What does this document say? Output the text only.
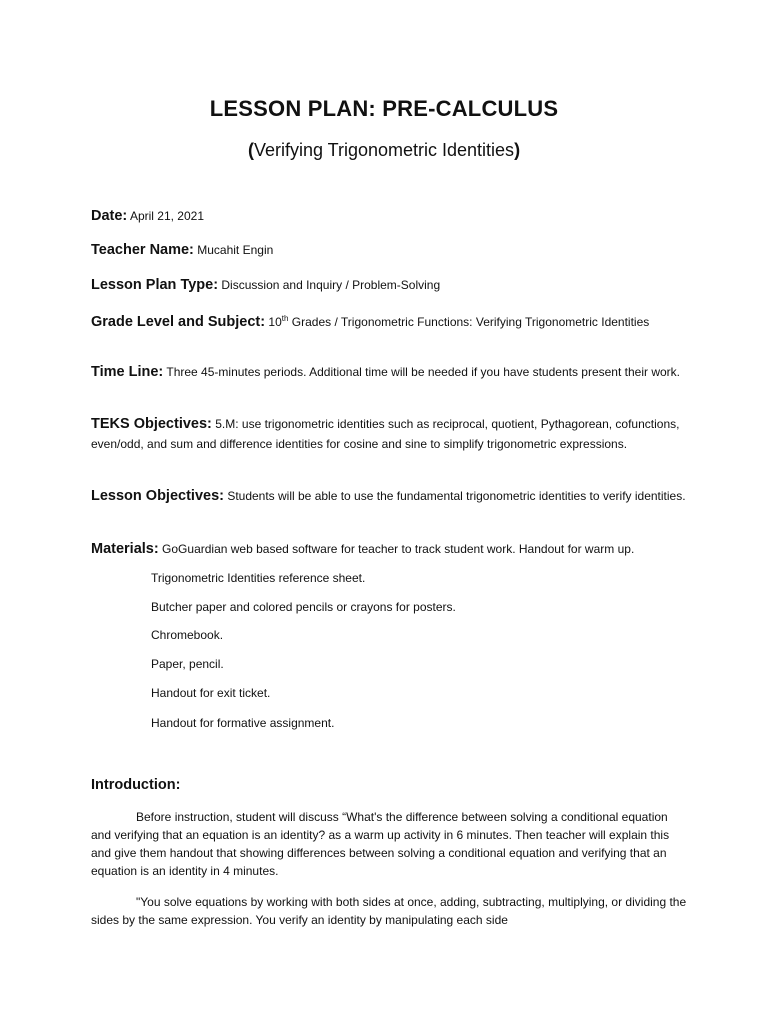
LESSON PLAN: PRE-CALCULUS
(Verifying Trigonometric Identities)
Date: April 21, 2021
Teacher Name: Mucahit Engin
Lesson Plan Type: Discussion and Inquiry / Problem-Solving
Grade Level and Subject: 10th Grades / Trigonometric Functions: Verifying Trigonometric Identities
Time Line: Three 45-minutes periods. Additional time will be needed if you have students present their work.
TEKS Objectives: 5.M: use trigonometric identities such as reciprocal, quotient, Pythagorean, cofunctions, even/odd, and sum and difference identities for cosine and sine to simplify trigonometric expressions.
Lesson Objectives: Students will be able to use the fundamental trigonometric identities to verify identities.
Materials: GoGuardian web based software for teacher to track student work. Handout for warm up.
Trigonometric Identities reference sheet.
Butcher paper and colored pencils or crayons for posters.
Chromebook.
Paper, pencil.
Handout for exit ticket.
Handout for formative assignment.
Introduction:
Before instruction, student will discuss “What's the difference between solving a conditional equation and verifying that an equation is an identity? as a warm up activity in 6 minutes. Then teacher will explain this and give them handout that showing differences between solving a conditional equation and verifying that an equation is an identity in 4 minutes.
"You solve equations by working with both sides at once, adding, subtracting, multiplying, or dividing the sides by the same expression. You verify an identity by manipulating each side
